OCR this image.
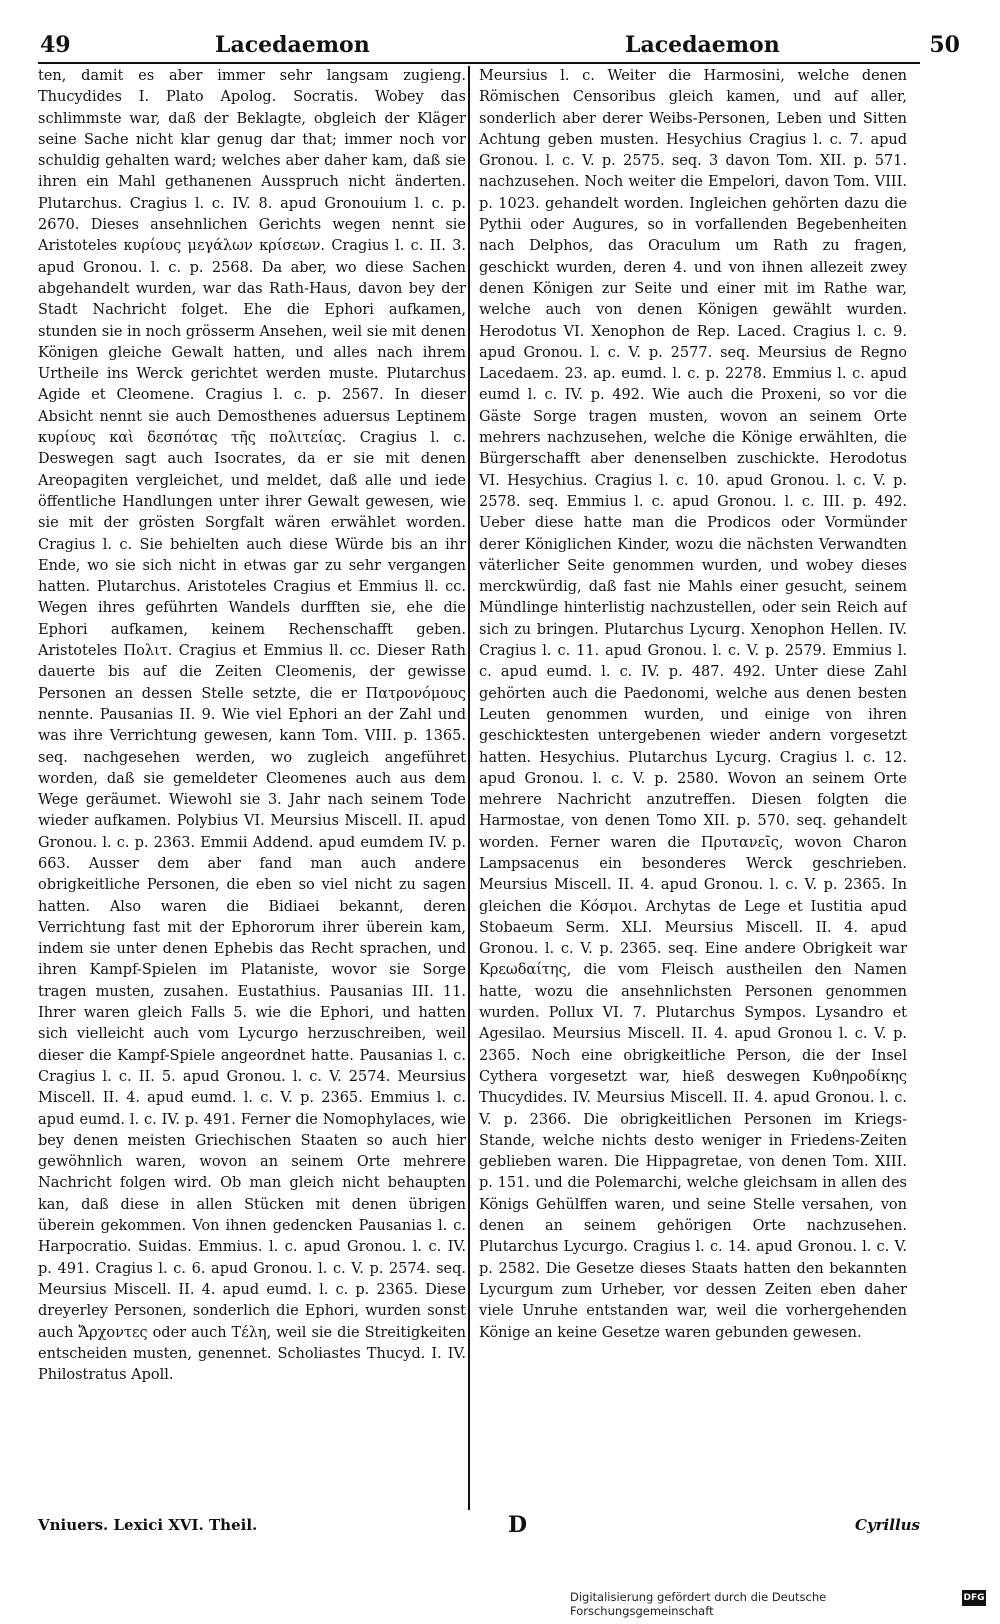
49	Lacedaemon	Lacedaemon	50

ten, damit es aber immer sehr langsam zugieng. Thucydides I. Plato Apolog. Socratis. Wobey das schlimmste war, daß der Beklagte, obgleich der Kläger seine Sache nicht klar genug dar that; immer noch vor schuldig gehalten ward; welches aber daher kam, daß sie ihren ein Mahl gethanenen Ausspruch nicht änderten. Plutarchus. Cragius l. c. IV. 8. apud Gronouium l. c. p. 2670. Dieses ansehnlichen Gerichts wegen nennt sie Aristoteles κυρίους μεγάλων κρίσεων. Cragius l. c. II. 3. apud Gronou. l. c. p. 2568. Da aber, wo diese Sachen abgehandelt wurden, war das Rath-Haus, davon bey der Stadt Nachricht folget. Ehe die Ephori aufkamen, stunden sie in noch grösserm Ansehen, weil sie mit denen Königen gleiche Gewalt hatten, und alles nach ihrem Urtheile ins Werck gerichtet werden muste. Plutarchus Agide et Cleomene. Cragius l. c. p. 2567. In dieser Absicht nennt sie auch Demosthenes aduersus Leptinem κυρίους καὶ δεσπότας τῆς πολιτείας. Cragius l. c. Deswegen sagt auch Isocrates, da er sie mit denen Areopagiten vergleichet, und meldet, daß alle und iede öffentliche Handlungen unter ihrer Gewalt gewesen, wie sie mit der grösten Sorgfalt wären erwählet worden. Cragius l. c. Sie behielten auch diese Würde bis an ihr Ende, wo sie sich nicht in etwas gar zu sehr vergangen hatten. Plutarchus. Aristoteles Cragius et Emmius ll. cc. Wegen ihres geführten Wandels durfften sie, ehe die Ephori aufkamen, keinem Rechenschafft geben. Aristoteles Πολιτ. Cragius et Emmius ll. cc. Dieser Rath dauerte bis auf die Zeiten Cleomenis, der gewisse Personen an dessen Stelle setzte, die er Πατρονόμους nennte. Pausanias II. 9. Wie viel Ephori an der Zahl und was ihre Verrichtung gewesen, kann Tom. VIII. p. 1365. seq. nachgesehen werden, wo zugleich angeführet worden, daß sie gemeldeter Cleomenes auch aus dem Wege geräumet. Wiewohl sie 3. Jahr nach seinem Tode wieder aufkamen. Polybius VI. Meursius Miscell. II. apud Gronou. l. c. p. 2363. Emmii Addend. apud eumdem IV. p. 663. Ausser dem aber fand man auch andere obrigkeitliche Personen, die eben so viel nicht zu sagen hatten. Also waren die Bidiaei bekannt, deren Verrichtung fast mit der Ephororum ihrer überein kam, indem sie unter denen Ephebis das Recht sprachen, und ihren Kampf-Spielen im Plataniste, wovor sie Sorge tragen musten, zusahen. Eustathius. Pausanias III. 11. Ihrer waren gleich Falls 5. wie die Ephori, und hatten sich vielleicht auch vom Lycurgo herzuschreiben, weil dieser die Kampf-Spiele angeordnet hatte. Pausanias l. c. Cragius l. c. II. 5. apud Gronou. l. c. V. 2574. Meursius Miscell. II. 4. apud eumd. l. c. V. p. 2365. Emmius l. c. apud eumd. l. c. IV. p. 491. Ferner die Nomophylaces, wie bey denen meisten Griechischen Staaten so auch hier gewöhnlich waren, wovon an seinem Orte mehrere Nachricht folgen wird. Ob man gleich nicht behaupten kan, daß diese in allen Stücken mit denen übrigen überein gekommen. Von ihnen gedencken Pausanias l. c. Harpocratio. Suidas. Emmius. l. c. apud Gronou. l. c. IV. p. 491. Cragius l. c. 6. apud Gronou. l. c. V. p. 2574. seq. Meursius Miscell. II. 4. apud eumd. l. c. p. 2365. Diese dreyerley Personen, sonderlich die Ephori, wurden sonst auch Ἄρχοντες oder auch Τέλη, weil sie die Streitigkeiten entscheiden musten, genennet. Scholiastes Thucyd. I. IV. Philostratus Apoll.

Meursius l. c. Weiter die Harmosini, welche denen Römischen Censoribus gleich kamen, und auf aller, sonderlich aber derer Weibs-Personen, Leben und Sitten Achtung geben musten. Hesychius Cragius l. c. 7. apud Gronou. l. c. V. p. 2575. seq. 3 davon Tom. XII. p. 571. nachzusehen. Noch weiter die Empelori, davon Tom. VIII. p. 1023. gehandelt worden. Ingleichen gehörten dazu die Pythii oder Augures, so in vorfallenden Begebenheiten nach Delphos, das Oraculum um Rath zu fragen, geschickt wurden, deren 4. und von ihnen allezeit zwey denen Königen zur Seite und einer mit im Rathe war, welche auch von denen Königen gewählt wurden. Herodotus VI. Xenophon de Rep. Laced. Cragius l. c. 9. apud Gronou. l. c. V. p. 2577. seq. Meursius de Regno Lacedaem. 23. ap. eumd. l. c. p. 2278. Emmius l. c. apud eumd l. c. IV. p. 492. Wie auch die Proxeni, so vor die Gäste Sorge tragen musten, wovon an seinem Orte mehrers nachzusehen, welche die Könige erwählten, die Bürgerschafft aber denenselben zuschickte. Herodotus VI. Hesychius. Cragius l. c. 10. apud Gronou. l. c. V. p. 2578. seq. Emmius l. c. apud Gronou. l. c. III. p. 492. Ueber diese hatte man die Prodicos oder Vormünder derer Königlichen Kinder, wozu die nächsten Verwandten väterlicher Seite genommen wurden, und wobey dieses merckwürdig, daß fast nie Mahls einer gesucht, seinem Mündlinge hinterlistig nachzustellen, oder sein Reich auf sich zu bringen. Plutarchus Lycurg. Xenophon Hellen. IV. Cragius l. c. 11. apud Gronou. l. c. V. p. 2579. Emmius l. c. apud eumd. l. c. IV. p. 487. 492. Unter diese Zahl gehörten auch die Paedonomi, welche aus denen besten Leuten genommen wurden, und einige von ihren geschicktesten untergebenen wieder andern vorgesetzt hatten. Hesychius. Plutarchus Lycurg. Cragius l. c. 12. apud Gronou. l. c. V. p. 2580. Wovon an seinem Orte mehrere Nachricht anzutreffen. Diesen folgten die Harmostae, von denen Tomo XII. p. 570. seq. gehandelt worden. Ferner waren die Πρυτανεῖς, wovon Charon Lampsacenus ein besonderes Werck geschrieben. Meursius Miscell. II. 4. apud Gronou. l. c. V. p. 2365. In gleichen die Κόσμοι. Archytas de Lege et Iustitia apud Stobaeum Serm. XLI. Meursius Miscell. II. 4. apud Gronou. l. c. V. p. 2365. seq. Eine andere Obrigkeit war Κρεωδαίτης, die vom Fleisch austheilen den Namen hatte, wozu die ansehnlichsten Personen genommen wurden. Pollux VI. 7. Plutarchus Sympos. Lysandro et Agesilao. Meursius Miscell. II. 4. apud Gronou l. c. V. p. 2365. Noch eine obrigkeitliche Person, die der Insel Cythera vorgesetzt war, hieß deswegen Κυθηροδίκης Thucydides. IV. Meursius Miscell. II. 4. apud Gronou. l. c. V. p. 2366. Die obrigkeitlichen Personen im Kriegs-Stande, welche nichts desto weniger in Friedens-Zeiten geblieben waren. Die Hippagretae, von denen Tom. XIII. p. 151. und die Polemarchi, welche gleichsam in allen des Königs Gehülffen waren, und seine Stelle versahen, von denen an seinem gehörigen Orte nachzusehen. Plutarchus Lycurgo. Cragius l. c. 14. apud Gronou. l. c. V. p. 2582. Die Gesetze dieses Staats hatten den bekannten Lycurgum zum Urheber, vor dessen Zeiten eben daher viele Unruhe entstanden war, weil die vorhergehenden Könige an keine Gesetze waren gebunden gewesen.

Vniuers. Lexici XVI. Theil.	D	Cyrillus
Digitalisierung gefördert durch die Deutsche Forschungsgemeinschaft
DFG
